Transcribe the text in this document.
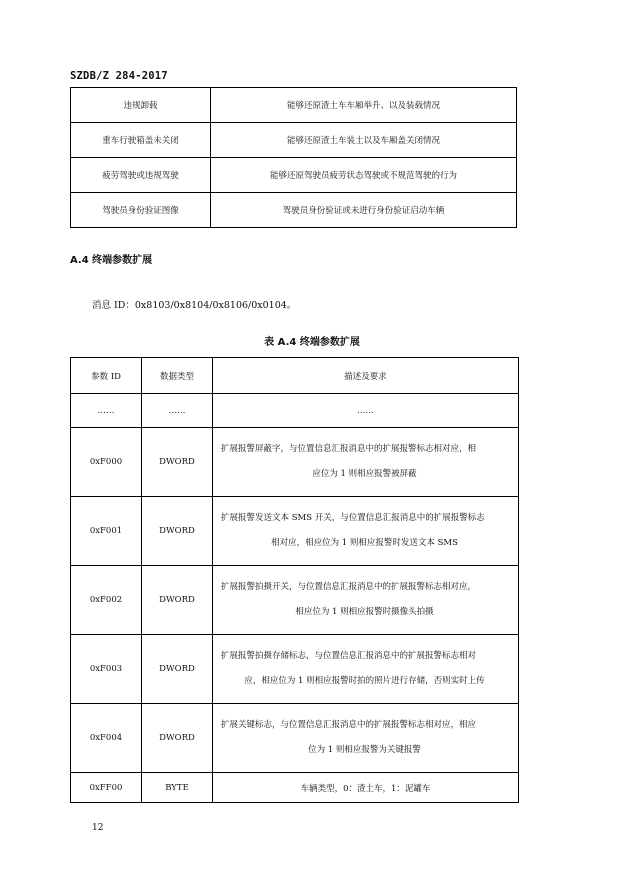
SZDB/Z 284-2017
违规卸载	能够还原渣土车车厢举升、以及装载情况
重车行驶箱盖未关闭	能够还原渣土车装土以及车厢盖关闭情况
疲劳驾驶或违规驾驶	能够还原驾驶员疲劳状态驾驶或不规范驾驶的行为
驾驶员身份验证图像	驾驶员身份验证或未进行身份验证启动车辆
A.4 终端参数扩展
消息 ID：0x8103/0x8104/0x8106/0x0104。
表 A.4 终端参数扩展
参数 ID	数据类型	描述及要求
……	……	……
0xF000	DWORD	扩展报警屏蔽字，与位置信息汇报消息中的扩展报警标志相对应，相
应位为 1 则相应报警被屏蔽

0xF001	DWORD	扩展报警发送文本 SMS 开关，与位置信息汇报消息中的扩展报警标志
相对应，相应位为 1 则相应报警时发送文本 SMS

0xF002	DWORD	扩展报警拍摄开关，与位置信息汇报消息中的扩展报警标志相对应，
相应位为 1 则相应报警时摄像头拍摄

0xF003	DWORD	扩展报警拍摄存储标志，与位置信息汇报消息中的扩展报警标志相对
应，相应位为 1 则相应报警时拍的照片进行存储，否则实时上传

0xF004	DWORD	扩展关键标志，与位置信息汇报消息中的扩展报警标志相对应，相应
位为 1 则相应报警为关键报警

0xFF00	BYTE	车辆类型，0：渣土车，1：泥罐车
12
